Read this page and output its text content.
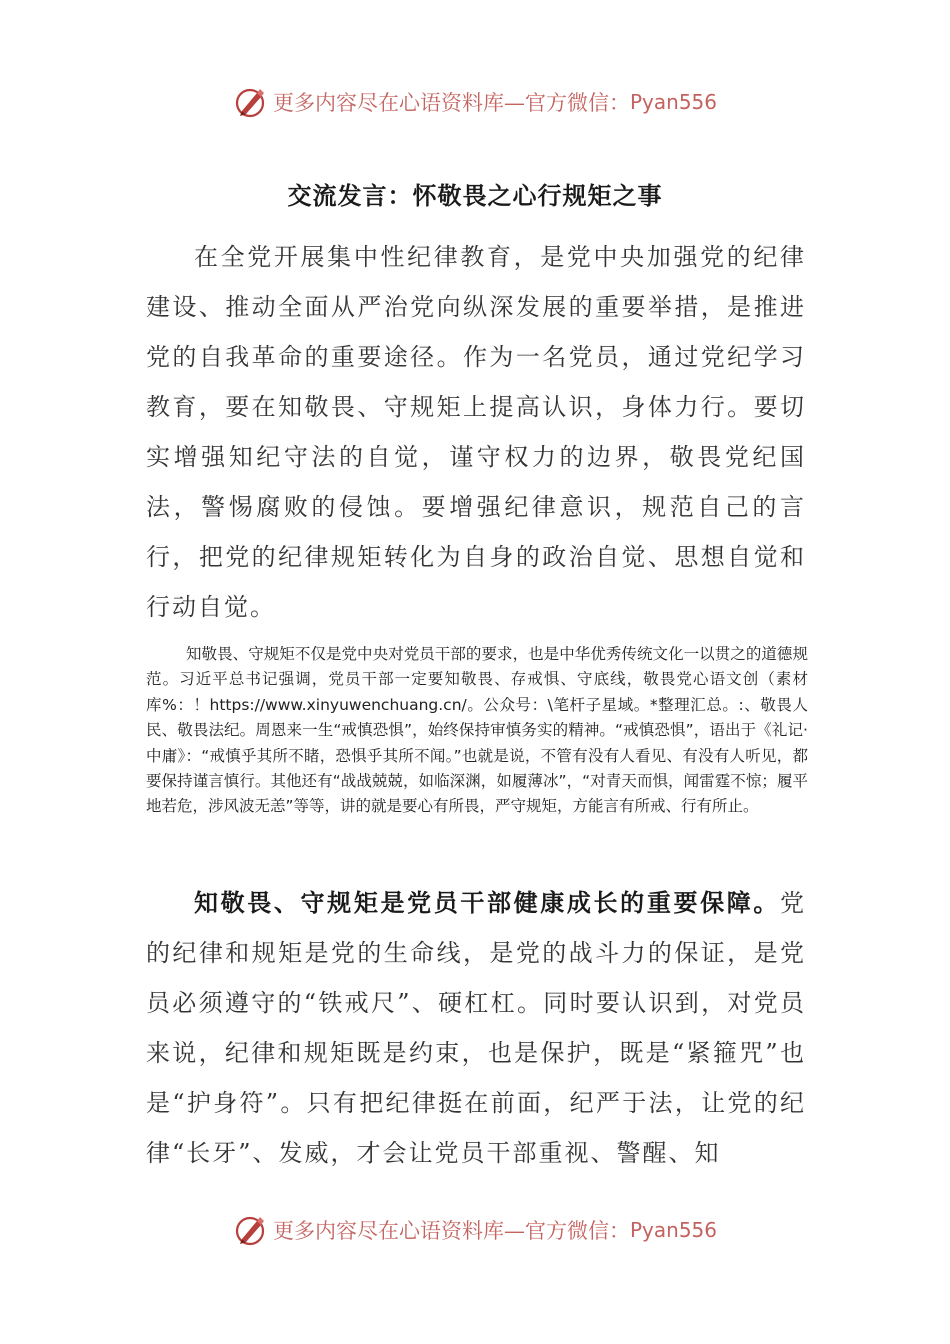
更多内容尽在心语资料库—官方微信： Pyan556
交流发言：怀敬畏之心行规矩之事

在全党开展集中性纪律教育，是党中央加强党的纪律建设、推动全面从严治党向纵深发展的重要举措，是推进党的自我革命的重要途径。作为一名党员，通过党纪学习教育，要在知敬畏、守规矩上提高认识，身体力行。要切实增强知纪守法的自觉，谨守权力的边界，敬畏党纪国法，警惕腐败的侵蚀。要增强纪律意识，规范自己的言行，把党的纪律规矩转化为自身的政治自觉、思想自觉和行动自觉。

知敬畏、守规矩不仅是党中央对党员干部的要求，也是中华优秀传统文化一以贯之的道德规范。习近平总书记强调，党员干部一定要知敬畏、存戒惧、守底线，敬畏党心语文创（素材库%：！https://www.xinyuwenchuang.cn/。公众号：\笔杆子星域。*整理汇总。:、敬畏人民、敬畏法纪。周恩来一生“戒慎恐惧”，始终保持审慎务实的精神。“戒慎恐惧”，语出于《礼记·中庸》：“戒慎乎其所不睹，恐惧乎其所不闻。”也就是说，不管有没有人看见、有没有人听见，都要保持谨言慎行。其他还有“战战兢兢，如临深渊，如履薄冰”，“对青天而惧，闻雷霆不惊；履平地若危，涉风波无恙”等等，讲的就是要心有所畏，严守规矩，方能言有所戒、行有所止。

知敬畏、守规矩是党员干部健康成长的重要保障。党的纪律和规矩是党的生命线，是党的战斗力的保证，是党员必须遵守的“铁戒尺”、硬杠杠。同时要认识到，对党员来说，纪律和规矩既是约束，也是保护，既是“紧箍咒”也是“护身符”。只有把纪律挺在前面，纪严于法，让党的纪律“长牙”、发威，才会让党员干部重视、警醒、知

更多内容尽在心语资料库—官方微信： Pyan556
